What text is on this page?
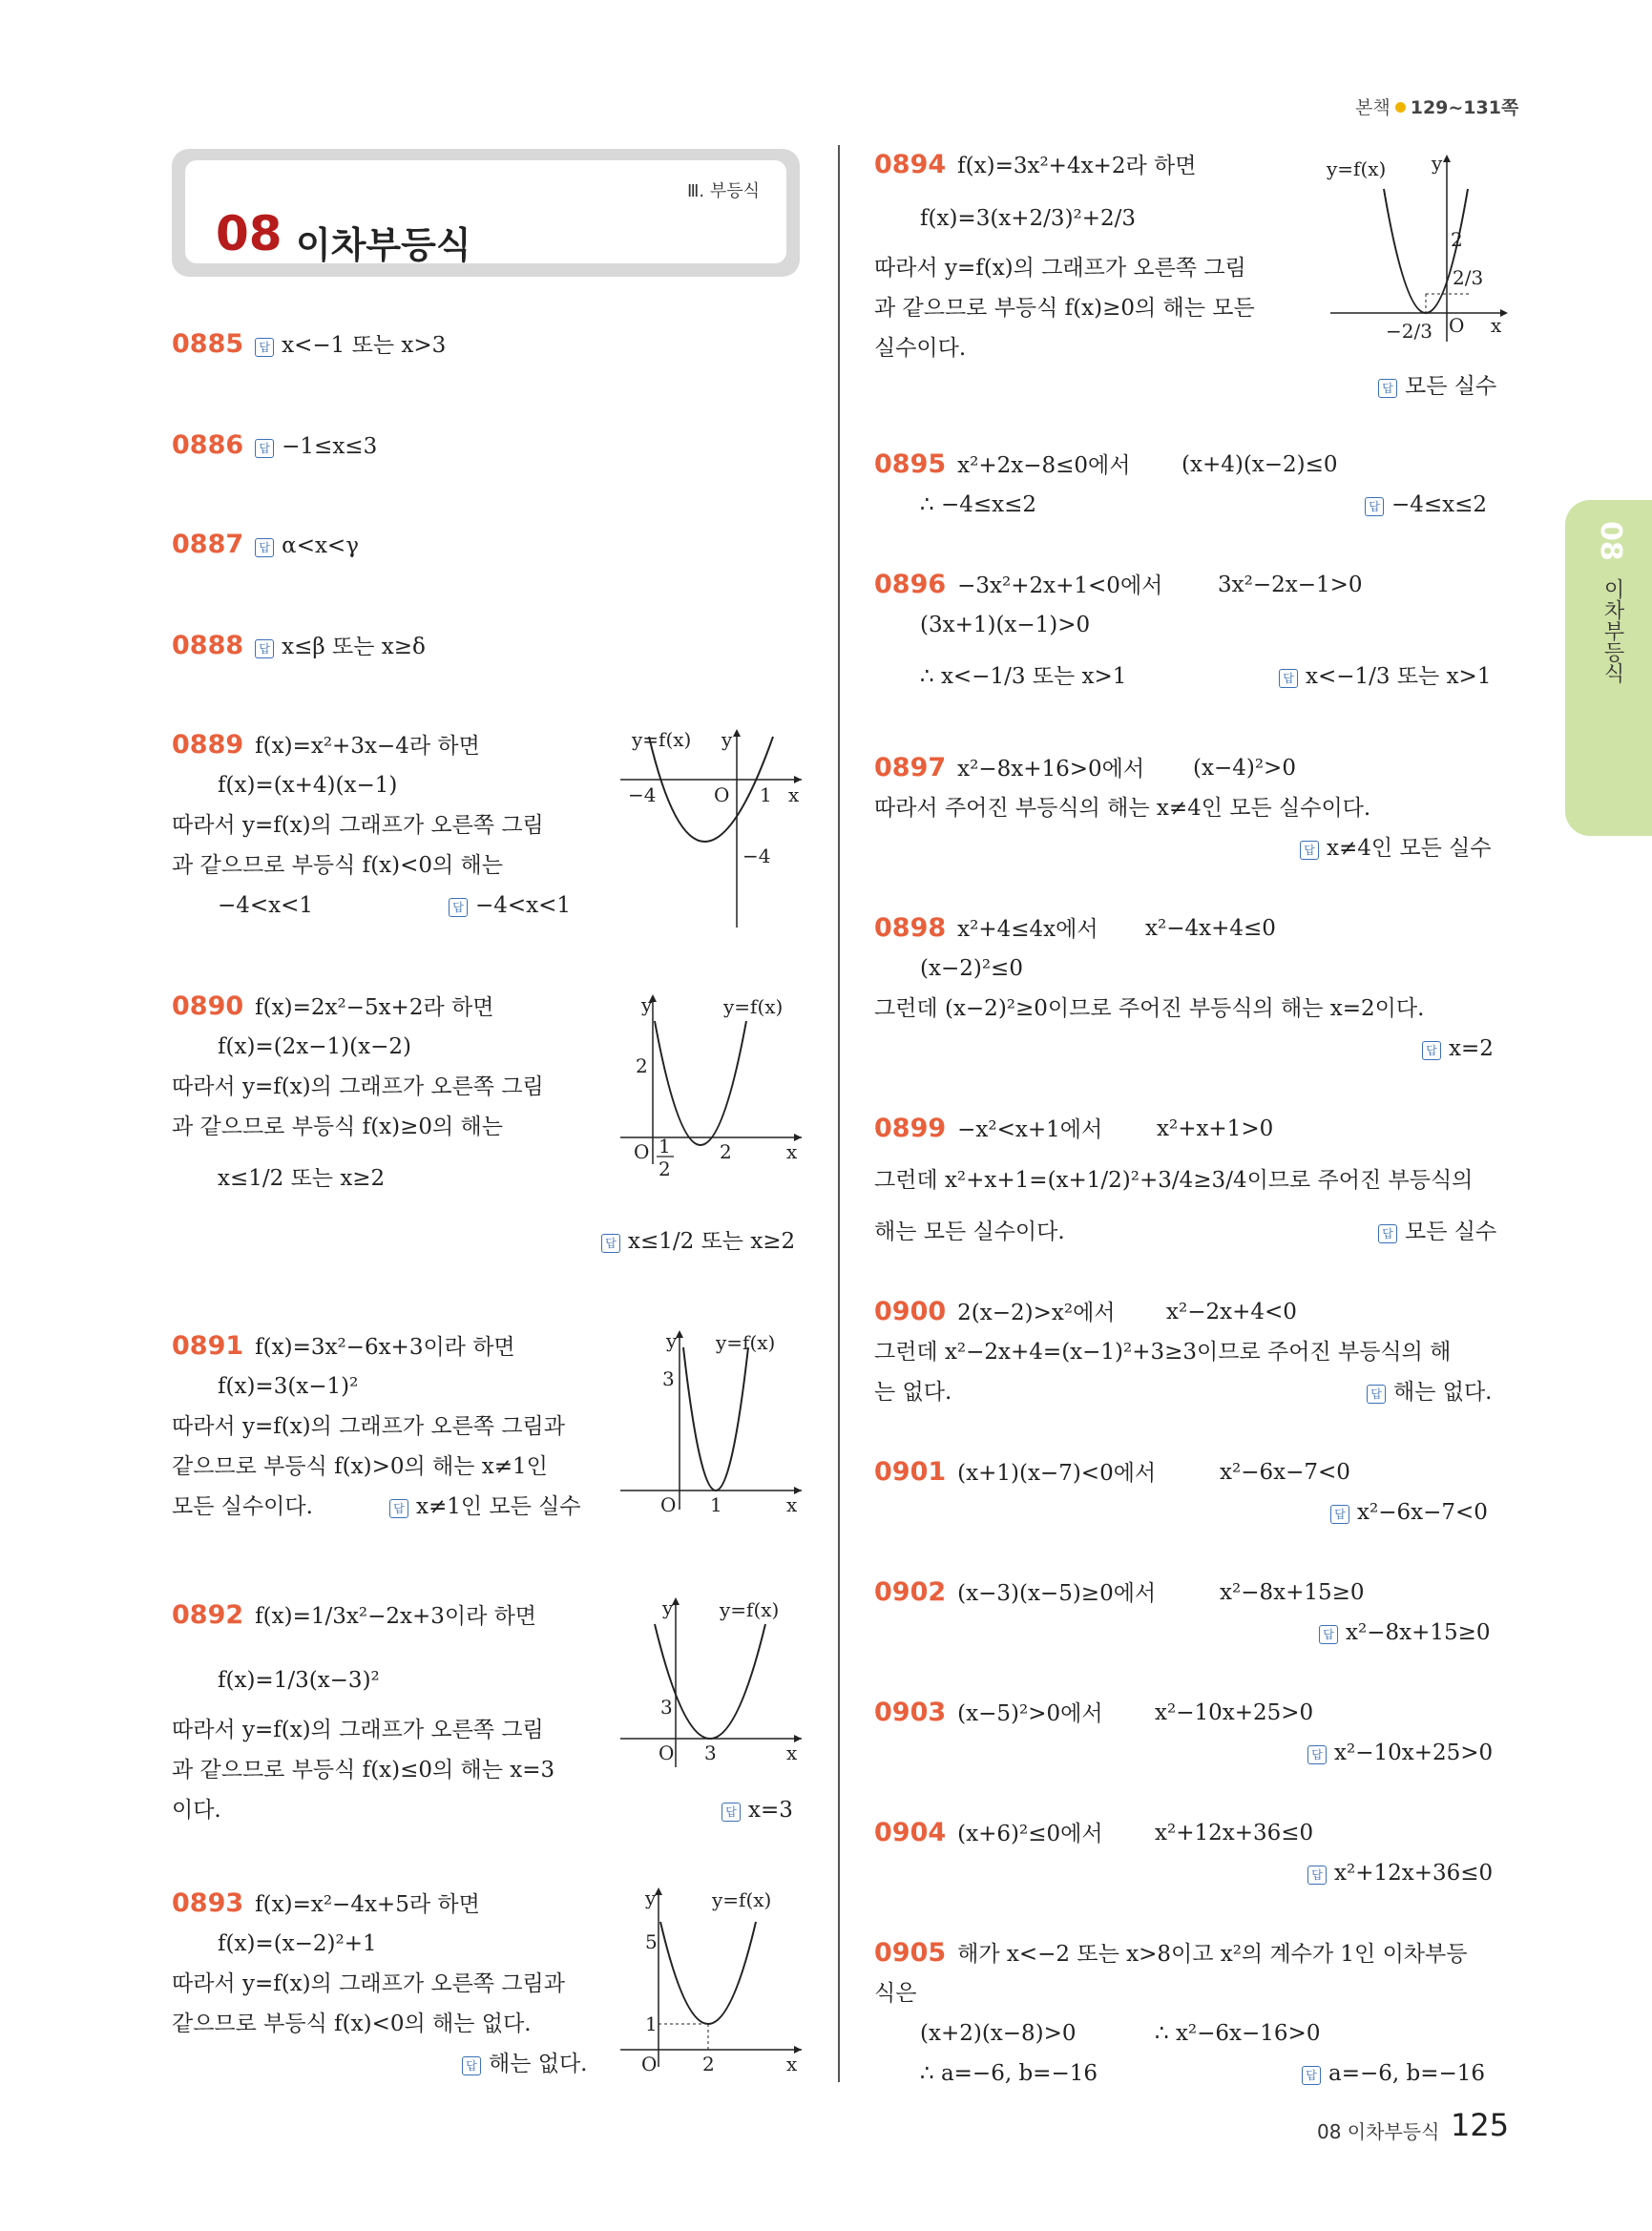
본책 129~131쪽
08 이차부등식
Ⅲ. 부등식
08
이차부등식
0885 답 x<−1 또는 x>3
0886 답 −1≤x≤3
0887 답 α<x<γ
0888 답 x≤β 또는 x≥δ
0889 f(x)=x²+3x−4라 하면
f(x)=(x+4)(x−1)
따라서 y=f(x)의 그래프가 오른쪽 그림
과 같으므로 부등식 f(x)<0의 해는
−4<x<1	답 −4<x<1
y=f(x) y
x
O
−4	1
−4
0890 f(x)=2x²−5x+2라 하면
f(x)=(2x−1)(x−2)
따라서 y=f(x)의 그래프가 오른쪽 그림
과 같으므로 부등식 f(x)≥0의 해는
x≤1/2 또는 x≥2
답 x≤1/2 또는 x≥2
y	y=f(x)
2
O 1
2
2	x
0891 f(x)=3x²−6x+3이라 하면
f(x)=3(x−1)²
따라서 y=f(x)의 그래프가 오른쪽 그림과
같으므로 부등식 f(x)>0의 해는 x≠1인
모든 실수이다.	답 x≠1인 모든 실수
y y=f(x)
3
O 1	x
0892 f(x)=1/3x²−2x+3이라 하면
f(x)=1/3(x−3)²
따라서 y=f(x)의 그래프가 오른쪽 그림
과 같으므로 부등식 f(x)≤0의 해는 x=3
이다.	답 x=3
y y=f(x)
3
O 3	x
0893 f(x)=x²−4x+5라 하면
f(x)=(x−2)²+1
따라서 y=f(x)의 그래프가 오른쪽 그림과
같으므로 부등식 f(x)<0의 해는 없다.
답 해는 없다.
y	y=f(x)
5
1
O 2	x
0894 f(x)=3x²+4x+2라 하면
f(x)=3(x+2/3)²+2/3
따라서 y=f(x)의 그래프가 오른쪽 그림
과 같으므로 부등식 f(x)≥0의 해는 모든
실수이다.
답 모든 실수
y=f(x) y
2
2/3
O
−2/3	x
0895 x²+2x−8≤0에서 (x+4)(x−2)≤0
∴ −4≤x≤2	답 −4≤x≤2
0896 −3x²+2x+1<0에서	3x²−2x−1>0
(3x+1)(x−1)>0
∴ x<−1/3 또는 x>1	답 x<−1/3 또는 x>1
0897 x²−8x+16>0에서 (x−4)²>0
따라서 주어진 부등식의 해는 x≠4인 모든 실수이다.
답 x≠4인 모든 실수
0898 x²+4≤4x에서 x²−4x+4≤0
(x−2)²≤0
그런데 (x−2)²≥0이므로 주어진 부등식의 해는 x=2이다.
답 x=2
0899 −x²<x+1에서 x²+x+1>0
그런데 x²+x+1=(x+1/2)²+3/4≥3/4이므로 주어진 부등식의
해는 모든 실수이다.	답 모든 실수
0900 2(x−2)>x²에서 x²−2x+4<0
그런데 x²−2x+4=(x−1)²+3≥3이므로 주어진 부등식의 해
는 없다.	답 해는 없다.
0901 (x+1)(x−7)<0에서	x²−6x−7<0
답 x²−6x−7<0
0902 (x−3)(x−5)≥0에서	x²−8x+15≥0
답 x²−8x+15≥0
0903 (x−5)²>0에서 x²−10x+25>0
답 x²−10x+25>0
0904 (x+6)²≤0에서 x²+12x+36≤0
답 x²+12x+36≤0
0905 해가 x<−2 또는 x>8이고 x²의 계수가 1인 이차부등
식은
(x+2)(x−8)>0	∴ x²−6x−16>0
∴ a=−6, b=−16	답 a=−6, b=−16
08 이차부등식 125
